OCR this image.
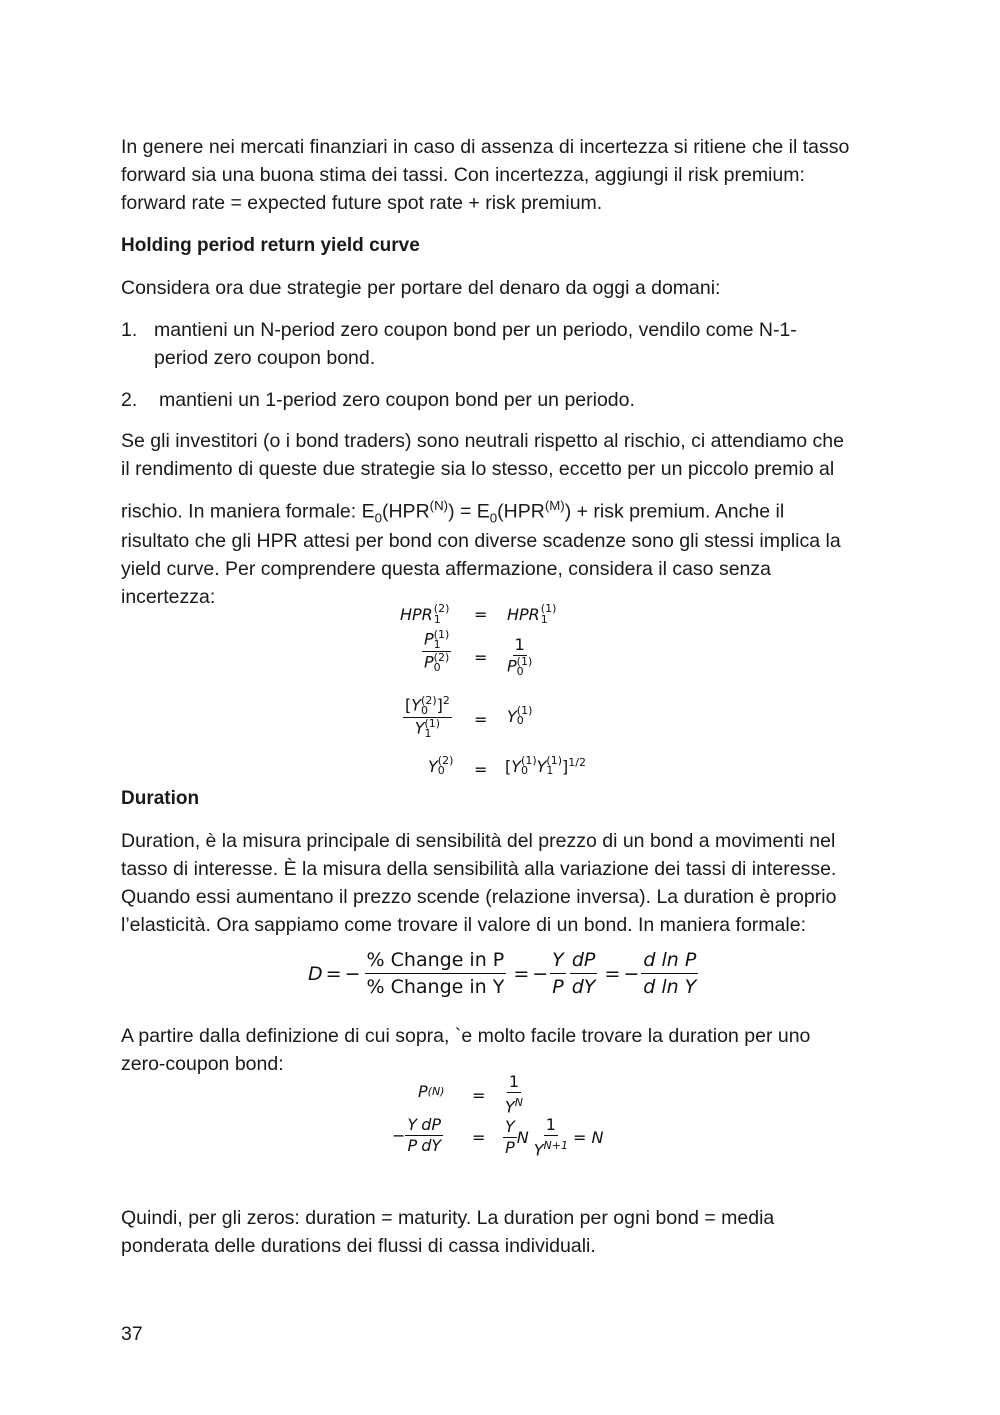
In genere nei mercati finanziari in caso di assenza di incertezza si ritiene che il tasso
forward sia una buona stima dei tassi. Con incertezza, aggiungi il risk premium:
forward rate = expected future spot rate + risk premium.
Holding period return yield curve
Considera ora due strategie per portare del denaro da oggi a domani:
1. mantieni un N-period zero coupon bond per un periodo, vendilo come N-1-
period zero coupon bond.
2. mantieni un 1-period zero coupon bond per un periodo.
Se gli investitori (o i bond traders) sono neutrali rispetto al rischio, ci attendiamo che
il rendimento di queste due strategie sia lo stesso, eccetto per un piccolo premio al
rischio. In maniera formale: $E_0(HPR^{(N)}) = E_0(HPR^{(M)})$ + risk premium. Anche il
risultato che gli HPR attesi per bond con diverse scadenze sono gli stessi implica la
yield curve. Per comprendere questa affermazione, considera il caso senza
incertezza:
HPR (2)
1	= HPR (1)
1
P (1)
1
P (2)
0 = 1
P (1)
0
[Y (2)
0 ]$^2$
Y (1)
1 = Y (1)
0
Y (2)
0	= [ Y (1)
0 Y (1)
1 ]$^{1/2}$
Duration
Duration, è la misura principale di sensibilità del prezzo di un bond a movimenti nel
tasso di interesse. È la misura della sensibilità alla variazione dei tassi di interesse.
Quando essi aumentano il prezzo scende (relazione inversa). La duration è proprio
l’elasticità. Ora sappiamo come trovare il valore di un bond. In maniera formale:
D = − $\frac{\text{\% Change in P}}{\text{\% Change in Y}}$ = − $\frac{Y}{P} \frac{dP}{dY}$ = − $\frac{\text{d ln P}}{\text{d ln Y}}$
A partire dalla definizione di cui sopra, `e molto facile trovare la duration per uno
zero-coupon bond:
P $(N) = \frac{1}{Y^N}$
− $\frac{Y}{P} \frac{dP}{dY} = \frac{Y}{P}$ N $\frac{1}{Y^{N+1}} = N$
Quindi, per gli zeros: duration = maturity. La duration per ogni bond = media
ponderata delle durations dei flussi di cassa individuali.
37
